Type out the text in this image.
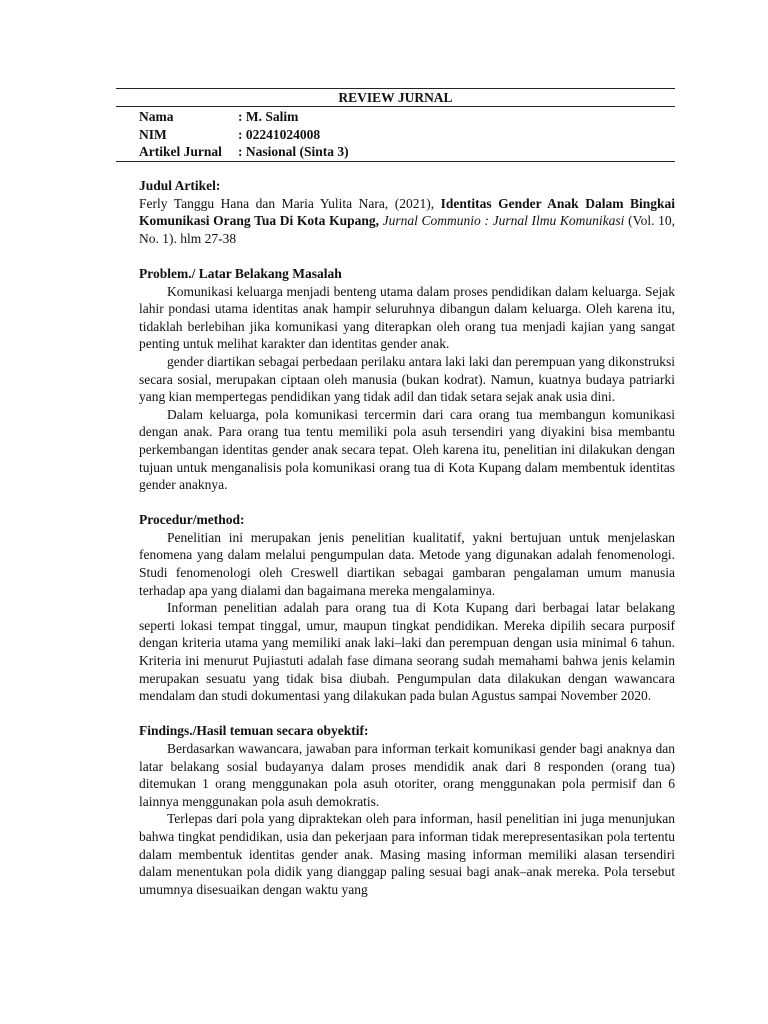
REVIEW JURNAL
Nama	: M. Salim
NIM	: 02241024008
Artikel Jurnal : Nasional (Sinta 3)
Judul Artikel:

Ferly Tanggu Hana dan Maria Yulita Nara, (2021), Identitas Gender Anak Dalam Bingkai Komunikasi Orang Tua Di Kota Kupang, Jurnal Communio : Jurnal Ilmu Komunikasi (Vol. 10, No. 1). hlm 27-38

Problem./ Latar Belakang Masalah

Komunikasi keluarga menjadi benteng utama dalam proses pendidikan dalam keluarga. Sejak lahir pondasi utama identitas anak hampir seluruhnya dibangun dalam keluarga. Oleh karena itu, tidaklah berlebihan jika komunikasi yang diterapkan oleh orang tua menjadi kajian yang sangat penting untuk melihat karakter dan identitas gender anak.

gender diartikan sebagai perbedaan perilaku antara laki laki dan perempuan yang dikonstruksi secara sosial, merupakan ciptaan oleh manusia (bukan kodrat). Namun, kuatnya budaya patriarki yang kian mempertegas pendidikan yang tidak adil dan tidak setara sejak anak usia dini.

Dalam keluarga, pola komunikasi tercermin dari cara orang tua membangun komunikasi dengan anak. Para orang tua tentu memiliki pola asuh tersendiri yang diyakini bisa membantu perkembangan identitas gender anak secara tepat. Oleh karena itu, penelitian ini dilakukan dengan tujuan untuk menganalisis pola komunikasi orang tua di Kota Kupang dalam membentuk identitas gender anaknya.

Procedur/method:

Penelitian ini merupakan jenis penelitian kualitatif, yakni bertujuan untuk menjelaskan fenomena yang dalam melalui pengumpulan data. Metode yang digunakan adalah fenomenologi. Studi fenomenologi oleh Creswell diartikan sebagai gambaran pengalaman umum manusia terhadap apa yang dialami dan bagaimana mereka mengalaminya.

Informan penelitian adalah para orang tua di Kota Kupang dari berbagai latar belakang seperti lokasi tempat tinggal, umur, maupun tingkat pendidikan. Mereka dipilih secara purposif dengan kriteria utama yang memiliki anak laki–laki dan perempuan dengan usia minimal 6 tahun. Kriteria ini menurut Pujiastuti adalah fase dimana seorang sudah memahami bahwa jenis kelamin merupakan sesuatu yang tidak bisa diubah. Pengumpulan data dilakukan dengan wawancara mendalam dan studi dokumentasi yang dilakukan pada bulan Agustus sampai November 2020.

Findings./Hasil temuan secara obyektif:

Berdasarkan wawancara, jawaban para informan terkait komunikasi gender bagi anaknya dan latar belakang sosial budayanya dalam proses mendidik anak dari 8 responden (orang tua) ditemukan 1 orang menggunakan pola asuh otoriter, orang menggunakan pola permisif dan 6 lainnya menggunakan pola asuh demokratis.

Terlepas dari pola yang dipraktekan oleh para informan, hasil penelitian ini juga menunjukan bahwa tingkat pendidikan, usia dan pekerjaan para informan tidak merepresentasikan pola tertentu dalam membentuk identitas gender anak. Masing masing informan memiliki alasan tersendiri dalam menentukan pola didik yang dianggap paling sesuai bagi anak–anak mereka. Pola tersebut umumnya disesuaikan dengan waktu yang
